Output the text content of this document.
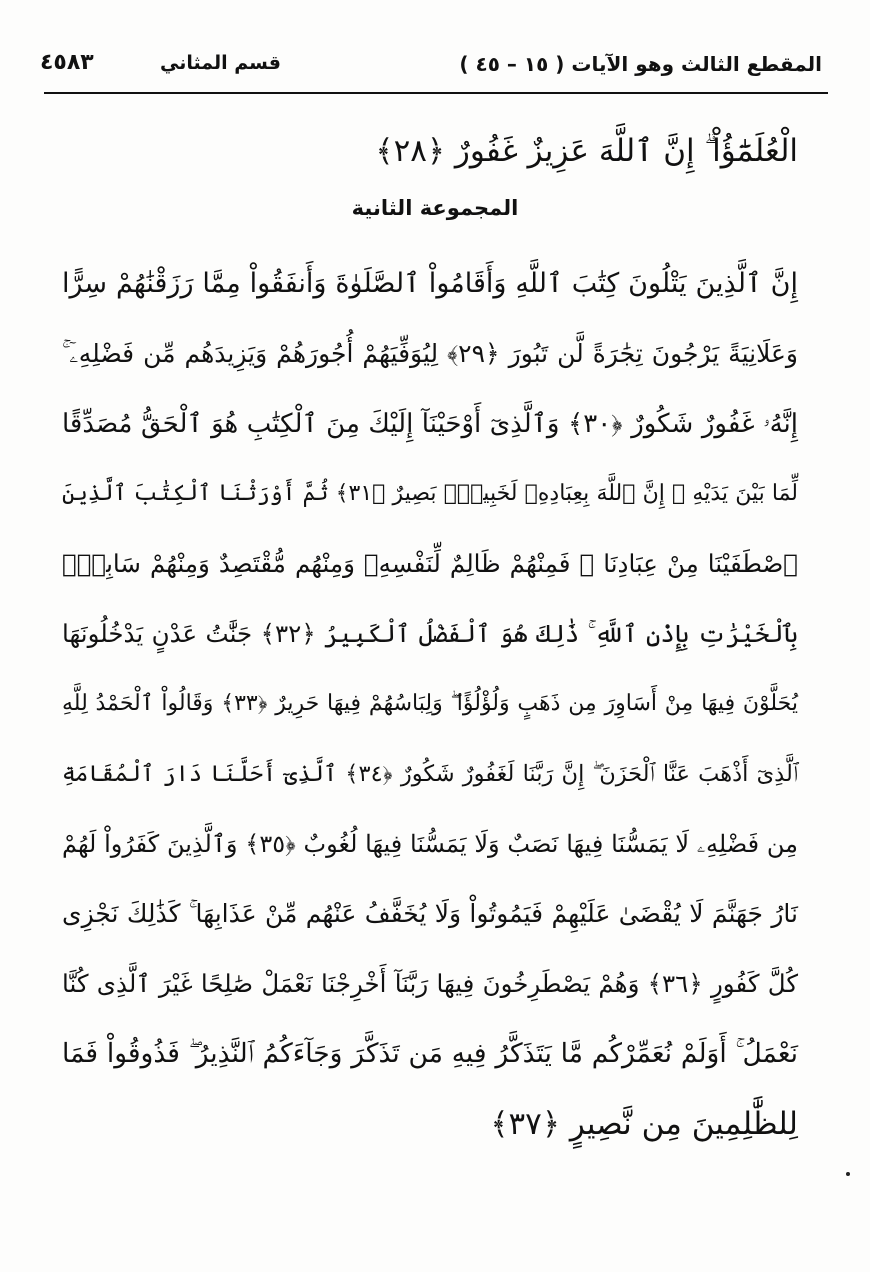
المقطع الثالث وهو الآيات ( ١٥ – ٤٥ )
قسم المثاني
٤٥٨٣
الْعُلَمَٰٓؤُاْ ۗ إِنَّ ٱللَّهَ عَزِيزٌ غَفُورٌ ﴿٢٨﴾
المجموعة الثانية
إِنَّ ٱلَّذِينَ يَتْلُونَ كِتَٰبَ ٱللَّهِ وَأَقَامُواْ ٱلصَّلَوٰةَ وَأَنفَقُواْ مِمَّا رَزَقْنَٰهُمْ سِرًّا
وَعَلَانِيَةً يَرْجُونَ تِجَٰرَةً لَّن تَبُورَ ﴿٢٩﴾ لِيُوَفِّيَهُمْ أُجُورَهُمْ وَيَزِيدَهُم مِّن فَضْلِهِۦٓ ۚ
إِنَّهُۥ غَفُورٌ شَكُورٌ ﴿٣٠﴾ وَٱلَّذِىٓ أَوْحَيْنَآ إِلَيْكَ مِنَ ٱلْكِتَٰبِ هُوَ ٱلْحَقُّ مُصَدِّقًا
لِّمَا بَيْنَ يَدَيْهِ ۗ إِنَّ ٱللَّهَ بِعِبَادِهِۦ لَخَبِيرٌۢ بَصِيرٌ ﴿٣١﴾ ثُمَّ أَوْرَثْنَا ٱلْكِتَٰبَ ٱلَّذِينَ
ٱصْطَفَيْنَا مِنْ عِبَادِنَا ۖ فَمِنْهُمْ ظَالِمٌ لِّنَفْسِهِۦ وَمِنْهُم مُّقْتَصِدٌ وَمِنْهُمْ سَابِقٌۢ
بِٱلْخَيْرَٰتِ بِإِذْنِ ٱللَّهِ ۚ ذَٰلِكَ هُوَ ٱلْفَضْلُ ٱلْكَبِيرُ ﴿٣٢﴾ جَنَّٰتُ عَدْنٍ يَدْخُلُونَهَا
يُحَلَّوْنَ فِيهَا مِنْ أَسَاوِرَ مِن ذَهَبٍ وَلُؤْلُؤًا ۖ وَلِبَاسُهُمْ فِيهَا حَرِيرٌ ﴿٣٣﴾ وَقَالُواْ ٱلْحَمْدُ لِلَّهِ
ٱلَّذِىٓ أَذْهَبَ عَنَّا ٱلْحَزَنَ ۖ إِنَّ رَبَّنَا لَغَفُورٌ شَكُورٌ ﴿٣٤﴾ ٱلَّذِىٓ أَحَلَّنَا دَارَ ٱلْمُقَامَةِ
مِن فَضْلِهِۦ لَا يَمَسُّنَا فِيهَا نَصَبٌ وَلَا يَمَسُّنَا فِيهَا لُغُوبٌ ﴿٣٥﴾ وَٱلَّذِينَ كَفَرُواْ لَهُمْ
نَارُ جَهَنَّمَ لَا يُقْضَىٰ عَلَيْهِمْ فَيَمُوتُواْ وَلَا يُخَفَّفُ عَنْهُم مِّنْ عَذَابِهَا ۚ كَذَٰلِكَ نَجْزِى
كُلَّ كَفُورٍ ﴿٣٦﴾ وَهُمْ يَصْطَرِخُونَ فِيهَا رَبَّنَآ أَخْرِجْنَا نَعْمَلْ صَٰلِحًا غَيْرَ ٱلَّذِى كُنَّا
نَعْمَلُ ۚ أَوَلَمْ نُعَمِّرْكُم مَّا يَتَذَكَّرُ فِيهِ مَن تَذَكَّرَ وَجَآءَكُمُ ٱلنَّذِيرُ ۖ فَذُوقُواْ فَمَا
لِلظَّٰلِمِينَ مِن نَّصِيرٍ ﴿٣٧﴾
